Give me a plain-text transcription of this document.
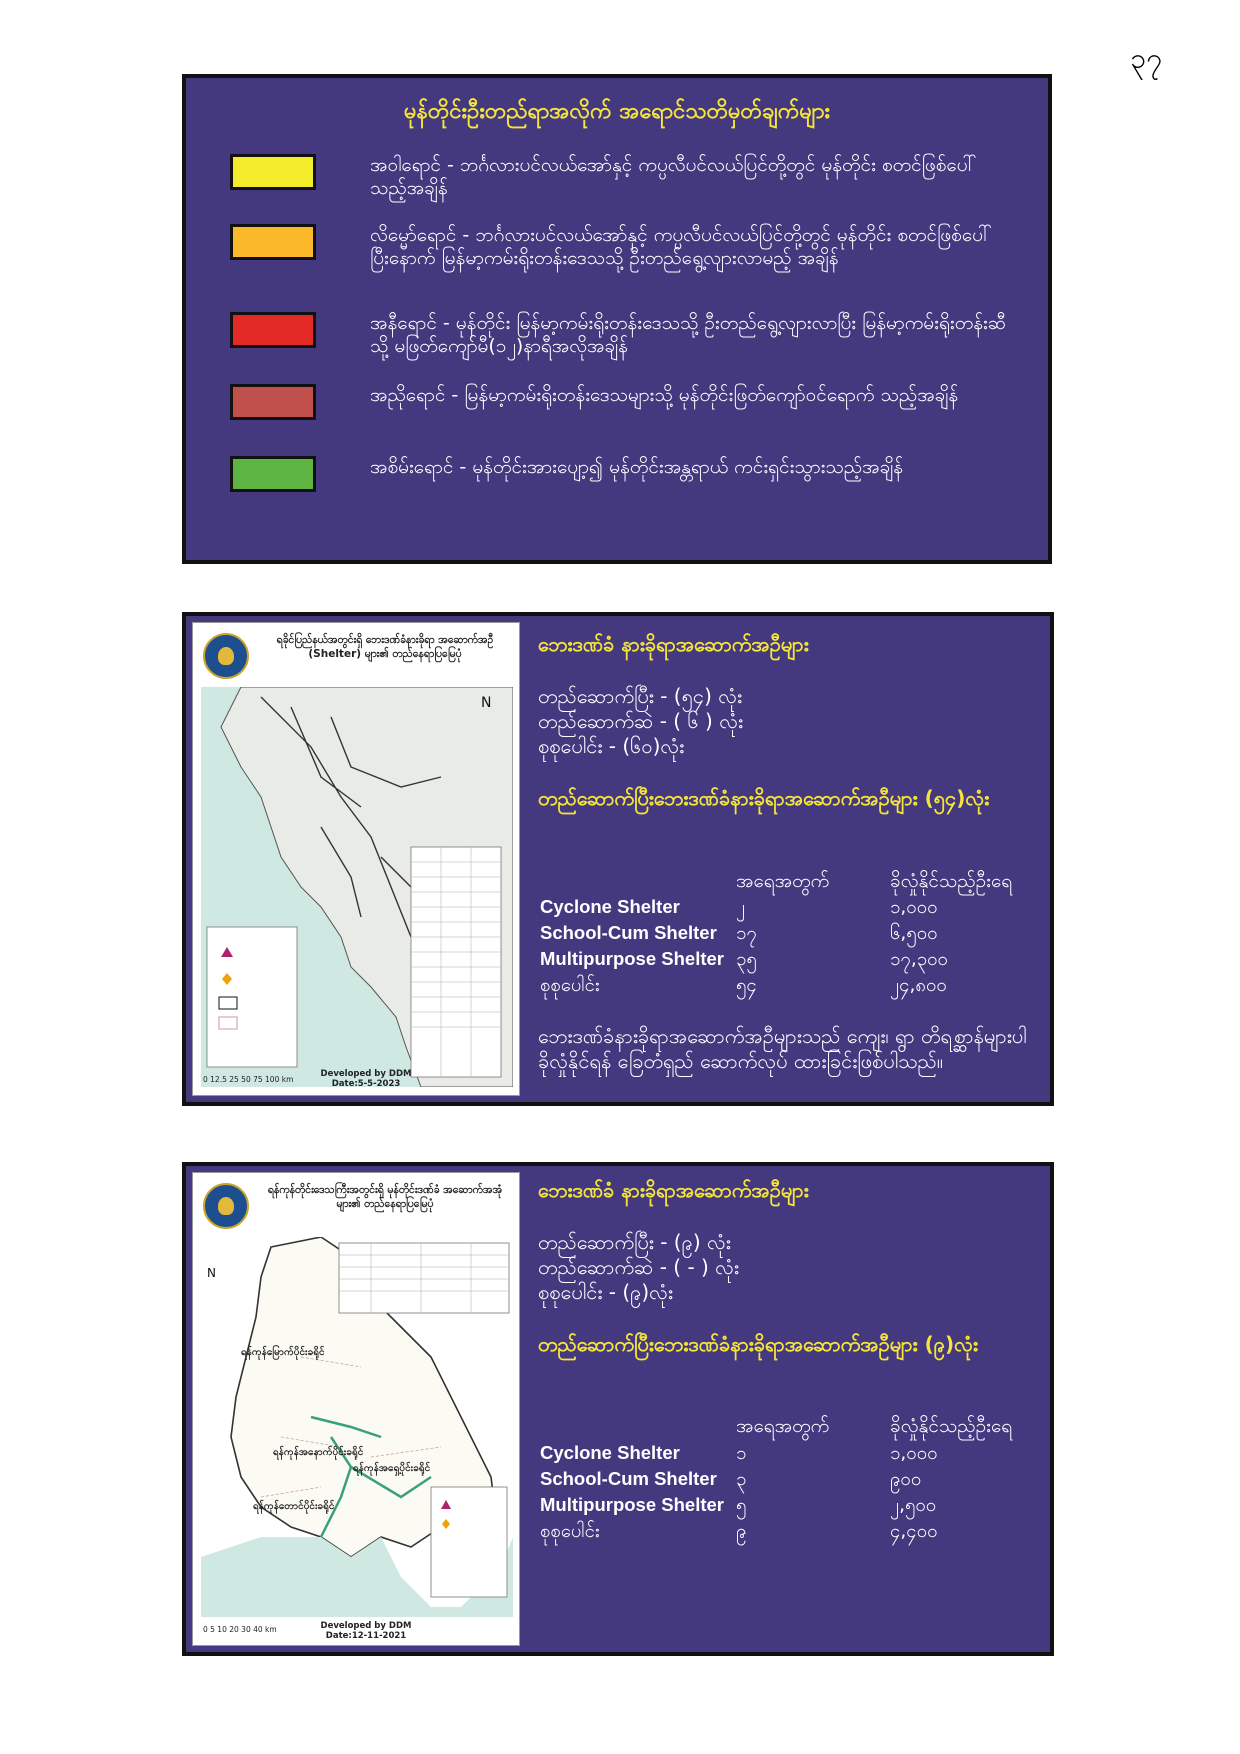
၃၇
မုန်တိုင်းဦးတည်ရာအလိုက် အရောင်သတိမှတ်ချက်များ
အဝါရောင် - ဘင်္ဂလားပင်လယ်အော်နှင့် ကပ္ပလီပင်လယ်ပြင်တို့တွင် မုန်တိုင်း စတင်ဖြစ်ပေါ်သည့်အချိန်
လိမ္မော်ရောင် - ဘင်္ဂလားပင်လယ်အော်နှင့် ကပ္ပလီပင်လယ်ပြင်တို့တွင် မုန်တိုင်း စတင်ဖြစ်ပေါ်ပြီးနောက် မြန်မာ့ကမ်းရိုးတန်းဒေသသို့ ဦးတည်ရွေ့လျားလာမည့် အချိန်
အနီရောင် - မုန်တိုင်း မြန်မာ့ကမ်းရိုးတန်းဒေသသို့ ဦးတည်ရွေ့လျားလာပြီး မြန်မာ့ကမ်းရိုးတန်းဆီသို့ မဖြတ်ကျော်မီ(၁၂)နာရီအလိုအချိန်
အညိုရောင် - မြန်မာ့ကမ်းရိုးတန်းဒေသများသို့ မုန်တိုင်းဖြတ်ကျော်ဝင်ရောက် သည့်အချိန်
အစိမ်းရောင် - မုန်တိုင်းအားပျော့၍ မုန်တိုင်းအန္တရာယ် ကင်းရှင်းသွားသည့်အချိန်
ရခိုင်ပြည်နယ်အတွင်းရှိ ဘေးဒဏ်ခံနားခိုရာ အဆောက်အဦ (Shelter) များ၏ တည်နေရာပြမြေပုံ
N
Developed by DDM
Date:5-5-2023
0 12.5 25 50 75 100 km
ဘေးဒဏ်ခံ နားခိုရာအဆောက်အဦများ
တည်ဆောက်ပြီး - (၅၄) လုံး
တည်ဆောက်ဆဲ - ( ၆ ) လုံး
စုစုပေါင်း - (၆၀)လုံး
တည်ဆောက်ပြီးဘေးဒဏ်ခံနားခိုရာအဆောက်အဦများ (၅၄)လုံး
အရေအတွက်	ခိုလှုံနိုင်သည့်ဦးရေ
Cyclone Shelter	၂	၁,၀၀၀
School-Cum Shelter ၁၇	၆,၅၀၀
Multipurpose Shelter ၃၅	၁၇,၃၀၀
စုစုပေါင်း	၅၄	၂၄,၈၀၀
ဘေးဒဏ်ခံနားခိုရာအဆောက်အဦများသည် ကျေး၊ ရွာ တိရစ္ဆာန်များပါ ခိုလှုံနိုင်ရန် ခြေတံရှည် ဆောက်လုပ် ထားခြင်းဖြစ်ပါသည်။
ရန်ကုန်တိုင်းဒေသကြီးအတွင်းရှိ မုန်တိုင်းဒဏ်ခံ အဆောက်အအုံများ၏ တည်နေရာပြမြေပုံ
N
ရန်ကုန်မြောက်ပိုင်းခရိုင်
ရန်ကုန်အနောက်ပိုင်းခရိုင်
ရန်ကုန်အရှေ့ပိုင်းခရိုင်
ရန်ကုန်တောင်ပိုင်းခရိုင်
Developed by DDM
Date:12-11-2021
0 5 10 20 30 40 km
ဘေးဒဏ်ခံ နားခိုရာအဆောက်အဦများ
တည်ဆောက်ပြီး - (၉) လုံး
တည်ဆောက်ဆဲ - ( - ) လုံး
စုစုပေါင်း - (၉)လုံး
တည်ဆောက်ပြီးဘေးဒဏ်ခံနားခိုရာအဆောက်အဦများ (၉)လုံး
အရေအတွက်	ခိုလှုံနိုင်သည့်ဦးရေ
Cyclone Shelter	၁	၁,၀၀၀
School-Cum Shelter ၃	၉၀၀
Multipurpose Shelter ၅	၂,၅၀၀
စုစုပေါင်း	၉	၄,၄၀၀
